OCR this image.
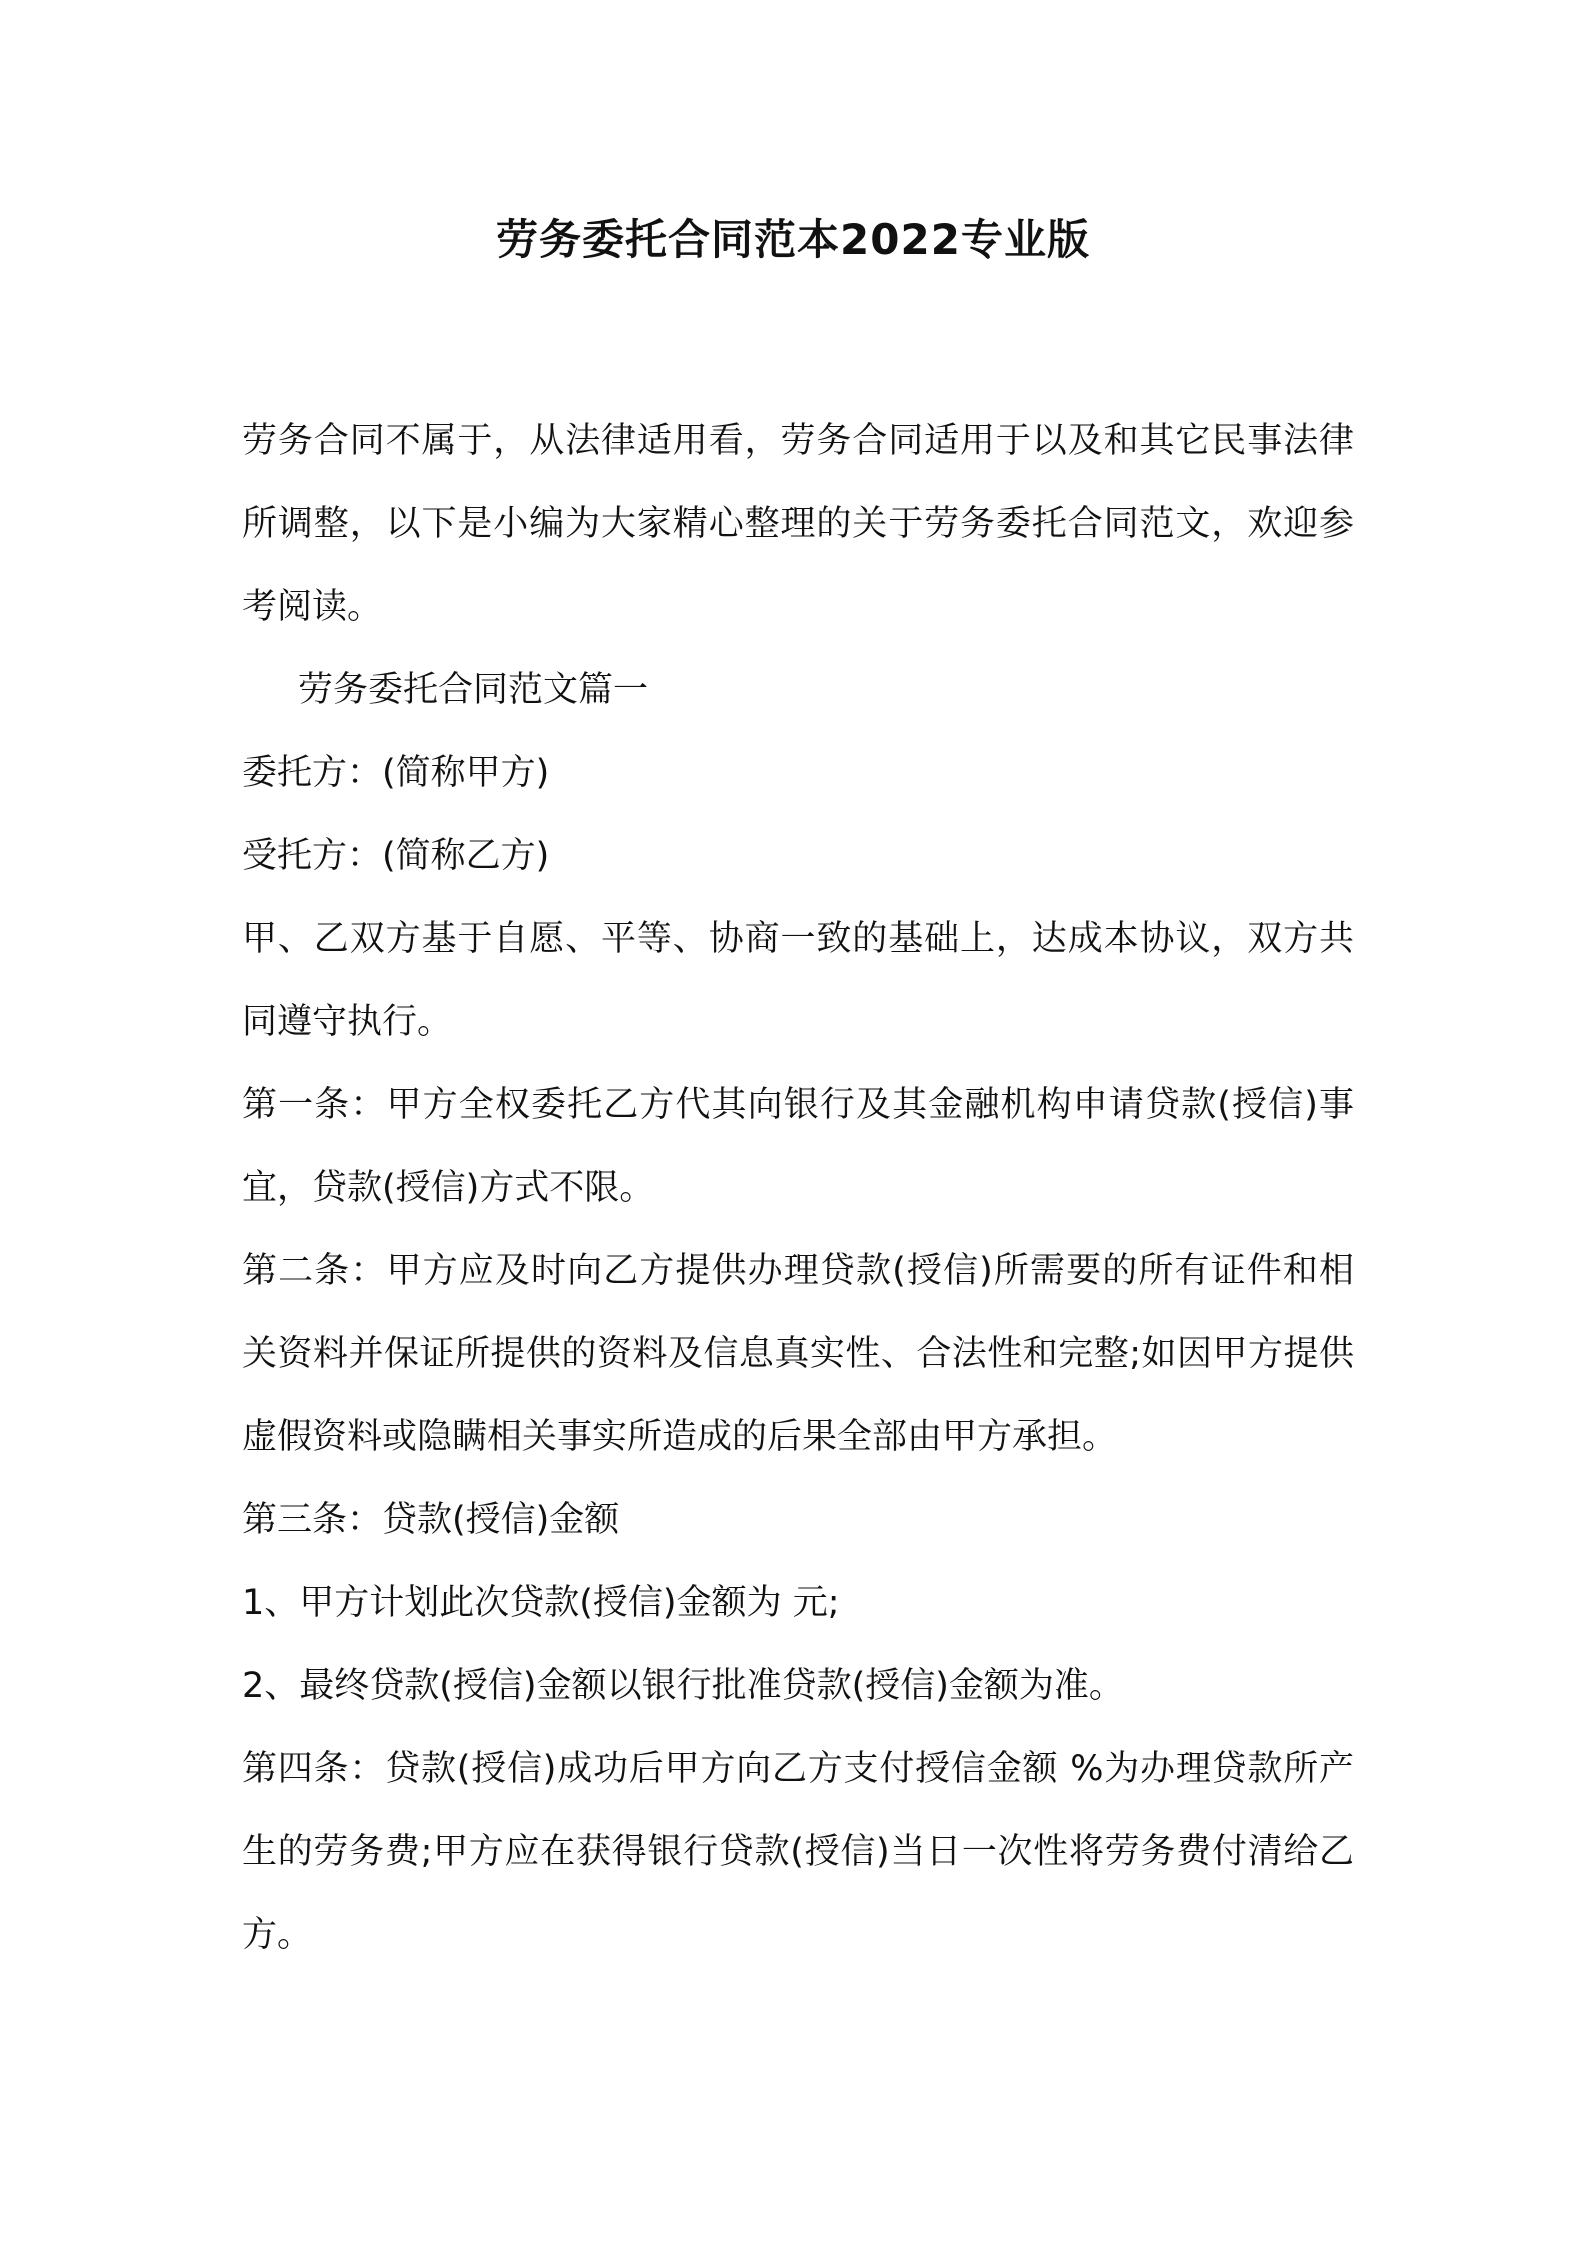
劳务委托合同范本2022专业版

劳务合同不属于，从法律适用看，劳务合同适用于以及和其它民事法律所调整，以下是小编为大家精心整理的关于劳务委托合同范文，欢迎参考阅读。

劳务委托合同范文篇一

委托方：(简称甲方)

受托方：(简称乙方)

甲、乙双方基于自愿、平等、协商一致的基础上，达成本协议，双方共同遵守执行。

第一条：甲方全权委托乙方代其向银行及其金融机构申请贷款(授信)事宜，贷款(授信)方式不限。

第二条：甲方应及时向乙方提供办理贷款(授信)所需要的所有证件和相关资料并保证所提供的资料及信息真实性、合法性和完整;如因甲方提供虚假资料或隐瞒相关事实所造成的后果全部由甲方承担。

第三条：贷款(授信)金额

1、甲方计划此次贷款(授信)金额为 元;

2、最终贷款(授信)金额以银行批准贷款(授信)金额为准。

第四条：贷款(授信)成功后甲方向乙方支付授信金额 %为办理贷款所产生的劳务费;甲方应在获得银行贷款(授信)当日一次性将劳务费付清给乙方。
